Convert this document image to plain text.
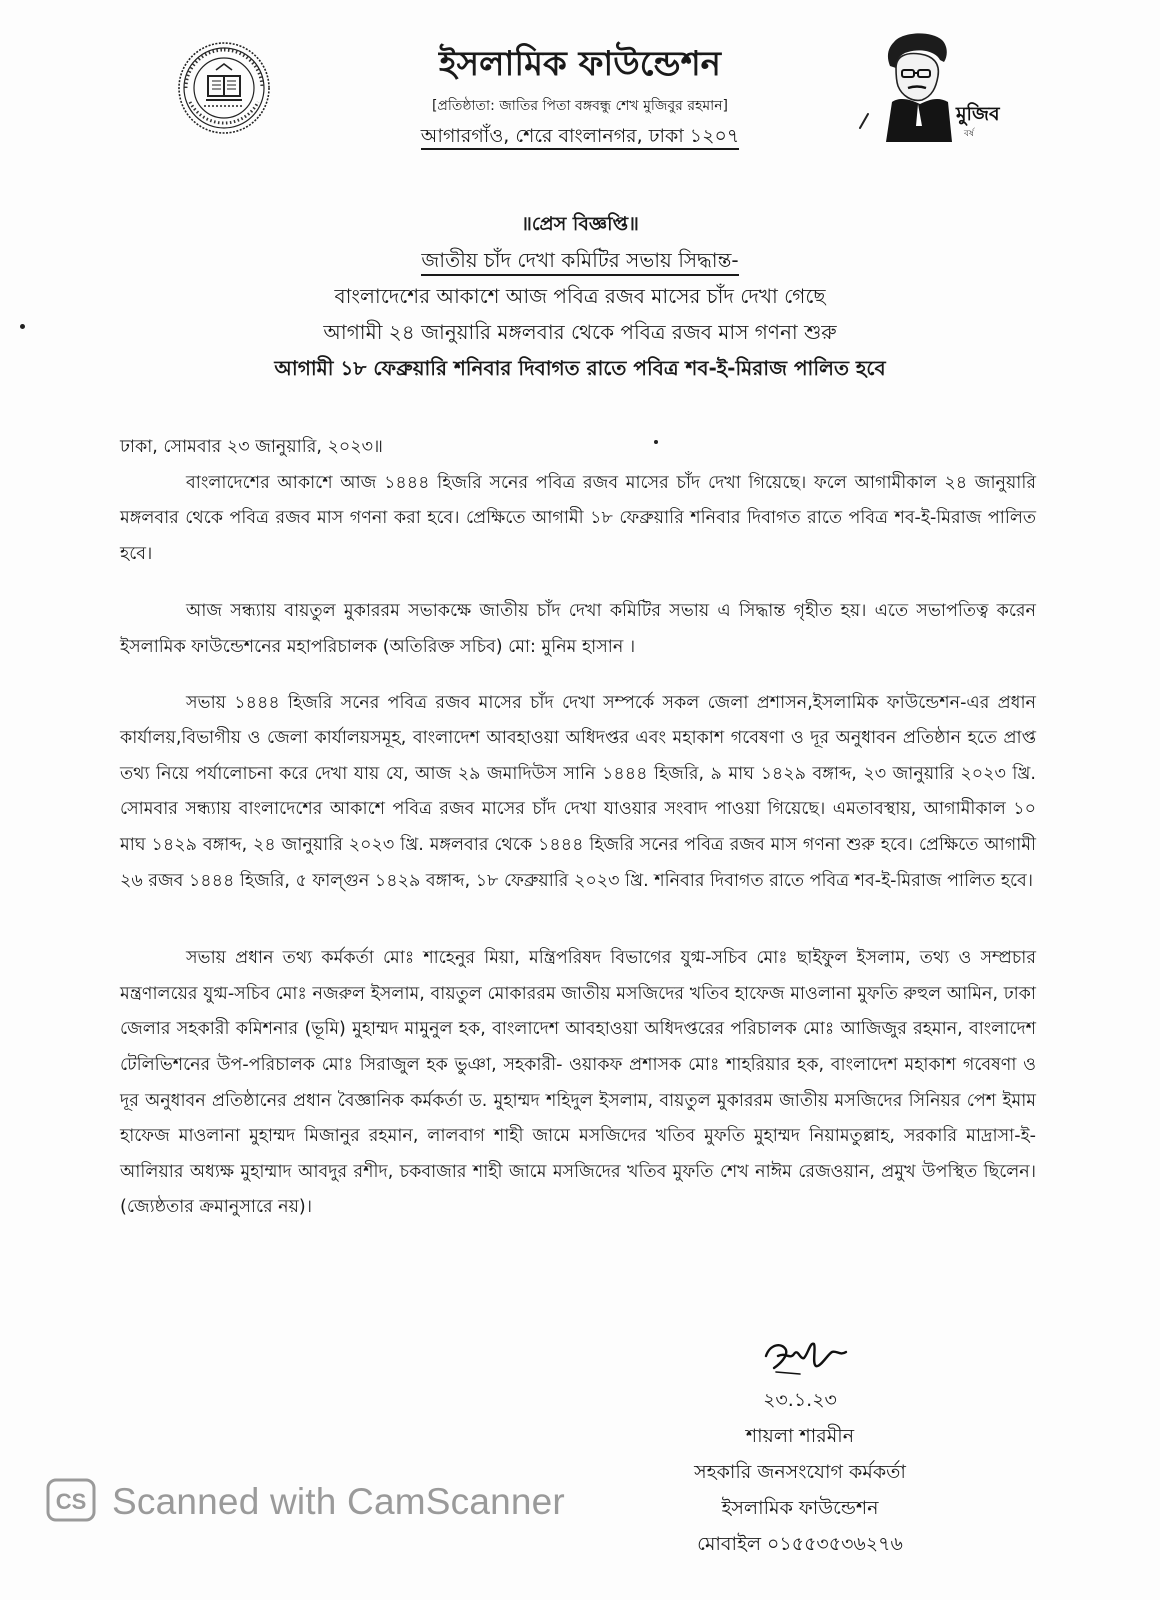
ইসলামিক ফাউন্ডেশন
[প্রতিষ্ঠাতা: জাতির পিতা বঙ্গবন্ধু শেখ মুজিবুর রহমান]
আগারগাঁও, শেরে বাংলানগর, ঢাকা ১২০৭
মুজিব
বর্ষ
॥প্রেস বিজ্ঞপ্তি॥
জাতীয় চাঁদ দেখা কমিটির সভায় সিদ্ধান্ত-
বাংলাদেশের আকাশে আজ পবিত্র রজব মাসের চাঁদ দেখা গেছে
আগামী ২৪ জানুয়ারি মঙ্গলবার থেকে পবিত্র রজব মাস গণনা শুরু
আগামী ১৮ ফেব্রুয়ারি শনিবার দিবাগত রাতে পবিত্র শব-ই-মিরাজ পালিত হবে

ঢাকা, সোমবার ২৩ জানুয়ারি, ২০২৩॥

বাংলাদেশের আকাশে আজ ১৪৪৪ হিজরি সনের পবিত্র রজব মাসের চাঁদ দেখা গিয়েছে। ফলে আগামীকাল ২৪ জানুয়ারি মঙ্গলবার থেকে পবিত্র রজব মাস গণনা করা হবে। প্রেক্ষিতে আগামী ১৮ ফেব্রুয়ারি শনিবার দিবাগত রাতে পবিত্র শব-ই-মিরাজ পালিত হবে।

আজ সন্ধ্যায় বায়তুল মুকাররম সভাকক্ষে জাতীয় চাঁদ দেখা কমিটির সভায় এ সিদ্ধান্ত গৃহীত হয়। এতে সভাপতিত্ব করেন ইসলামিক ফাউন্ডেশনের মহাপরিচালক (অতিরিক্ত সচিব) মো: মুনিম হাসান ।

সভায় ১৪৪৪ হিজরি সনের পবিত্র রজব মাসের চাঁদ দেখা সম্পর্কে সকল জেলা প্রশাসন,ইসলামিক ফাউন্ডেশন-এর প্রধান কার্যালয়,বিভাগীয় ও জেলা কার্যালয়সমূহ, বাংলাদেশ আবহাওয়া অধিদপ্তর এবং মহাকাশ গবেষণা ও দূর অনুধাবন প্রতিষ্ঠান হতে প্রাপ্ত তথ্য নিয়ে পর্যালোচনা করে দেখা যায় যে, আজ ২৯ জমাদিউস সানি ১৪৪৪ হিজরি, ৯ মাঘ ১৪২৯ বঙ্গাব্দ, ২৩ জানুয়ারি ২০২৩ খ্রি. সোমবার সন্ধ্যায় বাংলাদেশের আকাশে পবিত্র রজব মাসের চাঁদ দেখা যাওয়ার সংবাদ পাওয়া গিয়েছে। এমতাবস্থায়, আগামীকাল ১০ মাঘ ১৪২৯ বঙ্গাব্দ, ২৪ জানুয়ারি ২০২৩ খ্রি. মঙ্গলবার থেকে ১৪৪৪ হিজরি সনের পবিত্র রজব মাস গণনা শুরু হবে। প্রেক্ষিতে আগামী ২৬ রজব ১৪৪৪ হিজরি, ৫ ফাল্গুন ১৪২৯ বঙ্গাব্দ, ১৮ ফেব্রুয়ারি ২০২৩ খ্রি. শনিবার দিবাগত রাতে পবিত্র শব-ই-মিরাজ পালিত হবে।

সভায় প্রধান তথ্য কর্মকর্তা মোঃ শাহেনুর মিয়া, মন্ত্রিপরিষদ বিভাগের যুগ্ম-সচিব মোঃ ছাইফুল ইসলাম, তথ্য ও সম্প্রচার মন্ত্রণালয়ের যুগ্ম-সচিব মোঃ নজরুল ইসলাম, বায়তুল মোকাররম জাতীয় মসজিদের খতিব হাফেজ মাওলানা মুফতি রুহুল আমিন, ঢাকা জেলার সহকারী কমিশনার (ভূমি) মুহাম্মদ মামুনুল হক, বাংলাদেশ আবহাওয়া অধিদপ্তরের পরিচালক মোঃ আজিজুর রহমান, বাংলাদেশ টেলিভিশনের উপ-পরিচালক মোঃ সিরাজুল হক ভুঞা, সহকারী- ওয়াকফ প্রশাসক মোঃ শাহরিয়ার হক, বাংলাদেশ মহাকাশ গবেষণা ও দূর অনুধাবন প্রতিষ্ঠানের প্রধান বৈজ্ঞানিক কর্মকর্তা ড. মুহাম্মদ শহিদুল ইসলাম, বায়তুল মুকাররম জাতীয় মসজিদের সিনিয়র পেশ ইমাম হাফেজ মাওলানা মুহাম্মদ মিজানুর রহমান, লালবাগ শাহী জামে মসজিদের খতিব মুফতি মুহাম্মদ নিয়ামতুল্লাহ, সরকারি মাদ্রাসা-ই-আলিয়ার অধ্যক্ষ মুহাম্মাদ আবদুর রশীদ, চকবাজার শাহী জামে মসজিদের খতিব মুফতি শেখ নাঈম রেজওয়ান, প্রমুখ উপস্থিত ছিলেন। (জ্যেষ্ঠতার ক্রমানুসারে নয়)।

২৩.১.২৩
শায়লা শারমীন
সহকারি জনসংযোগ কর্মকর্তা
ইসলামিক ফাউন্ডেশন
মোবাইল ০১৫৫৩৫৩৬২৭৬
CS Scanned with CamScanner
